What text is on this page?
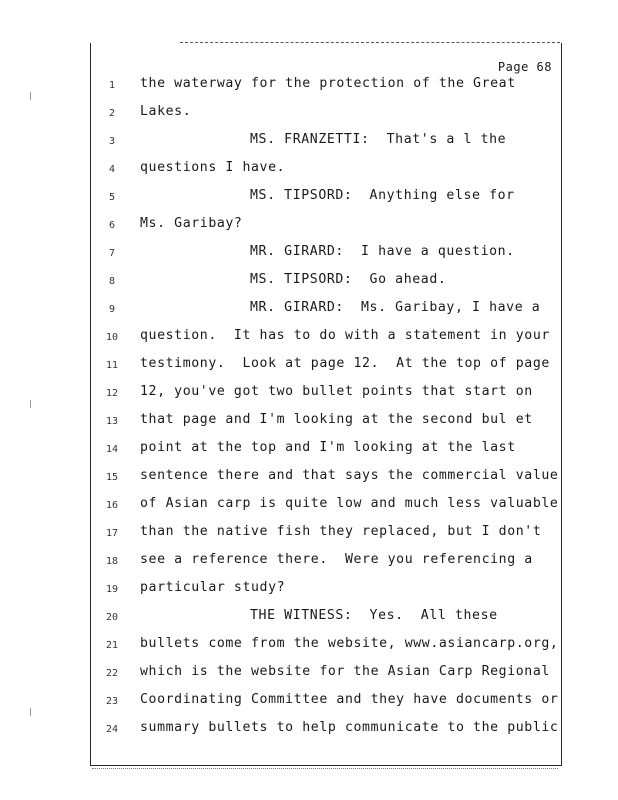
Page 68
1	the waterway for the protection of the Great
2	Lakes.
3	MS. FRANZETTI:  That's a l the
4	questions I have.
5	MS. TIPSORD:  Anything else for
6	Ms. Garibay?
7	MR. GIRARD:  I have a question.
8	MS. TIPSORD:  Go ahead.
9	MR. GIRARD:  Ms. Garibay, I have a
10 question.  It has to do with a statement in your
11 testimony.  Look at page 12.  At the top of page
12 12, you've got two bullet points that start on
13 that page and I'm looking at the second bul et
14 point at the top and I'm looking at the last
15 sentence there and that says the commercial value
16 of Asian carp is quite low and much less valuable
17 than the native fish they replaced, but I don't
18 see a reference there.  Were you referencing a
19 particular study?
20	THE WITNESS:  Yes.  All these
21 bullets come from the website, www.asiancarp.org,
22 which is the website for the Asian Carp Regional
23 Coordinating Committee and they have documents or
24 summary bullets to help communicate to the public
